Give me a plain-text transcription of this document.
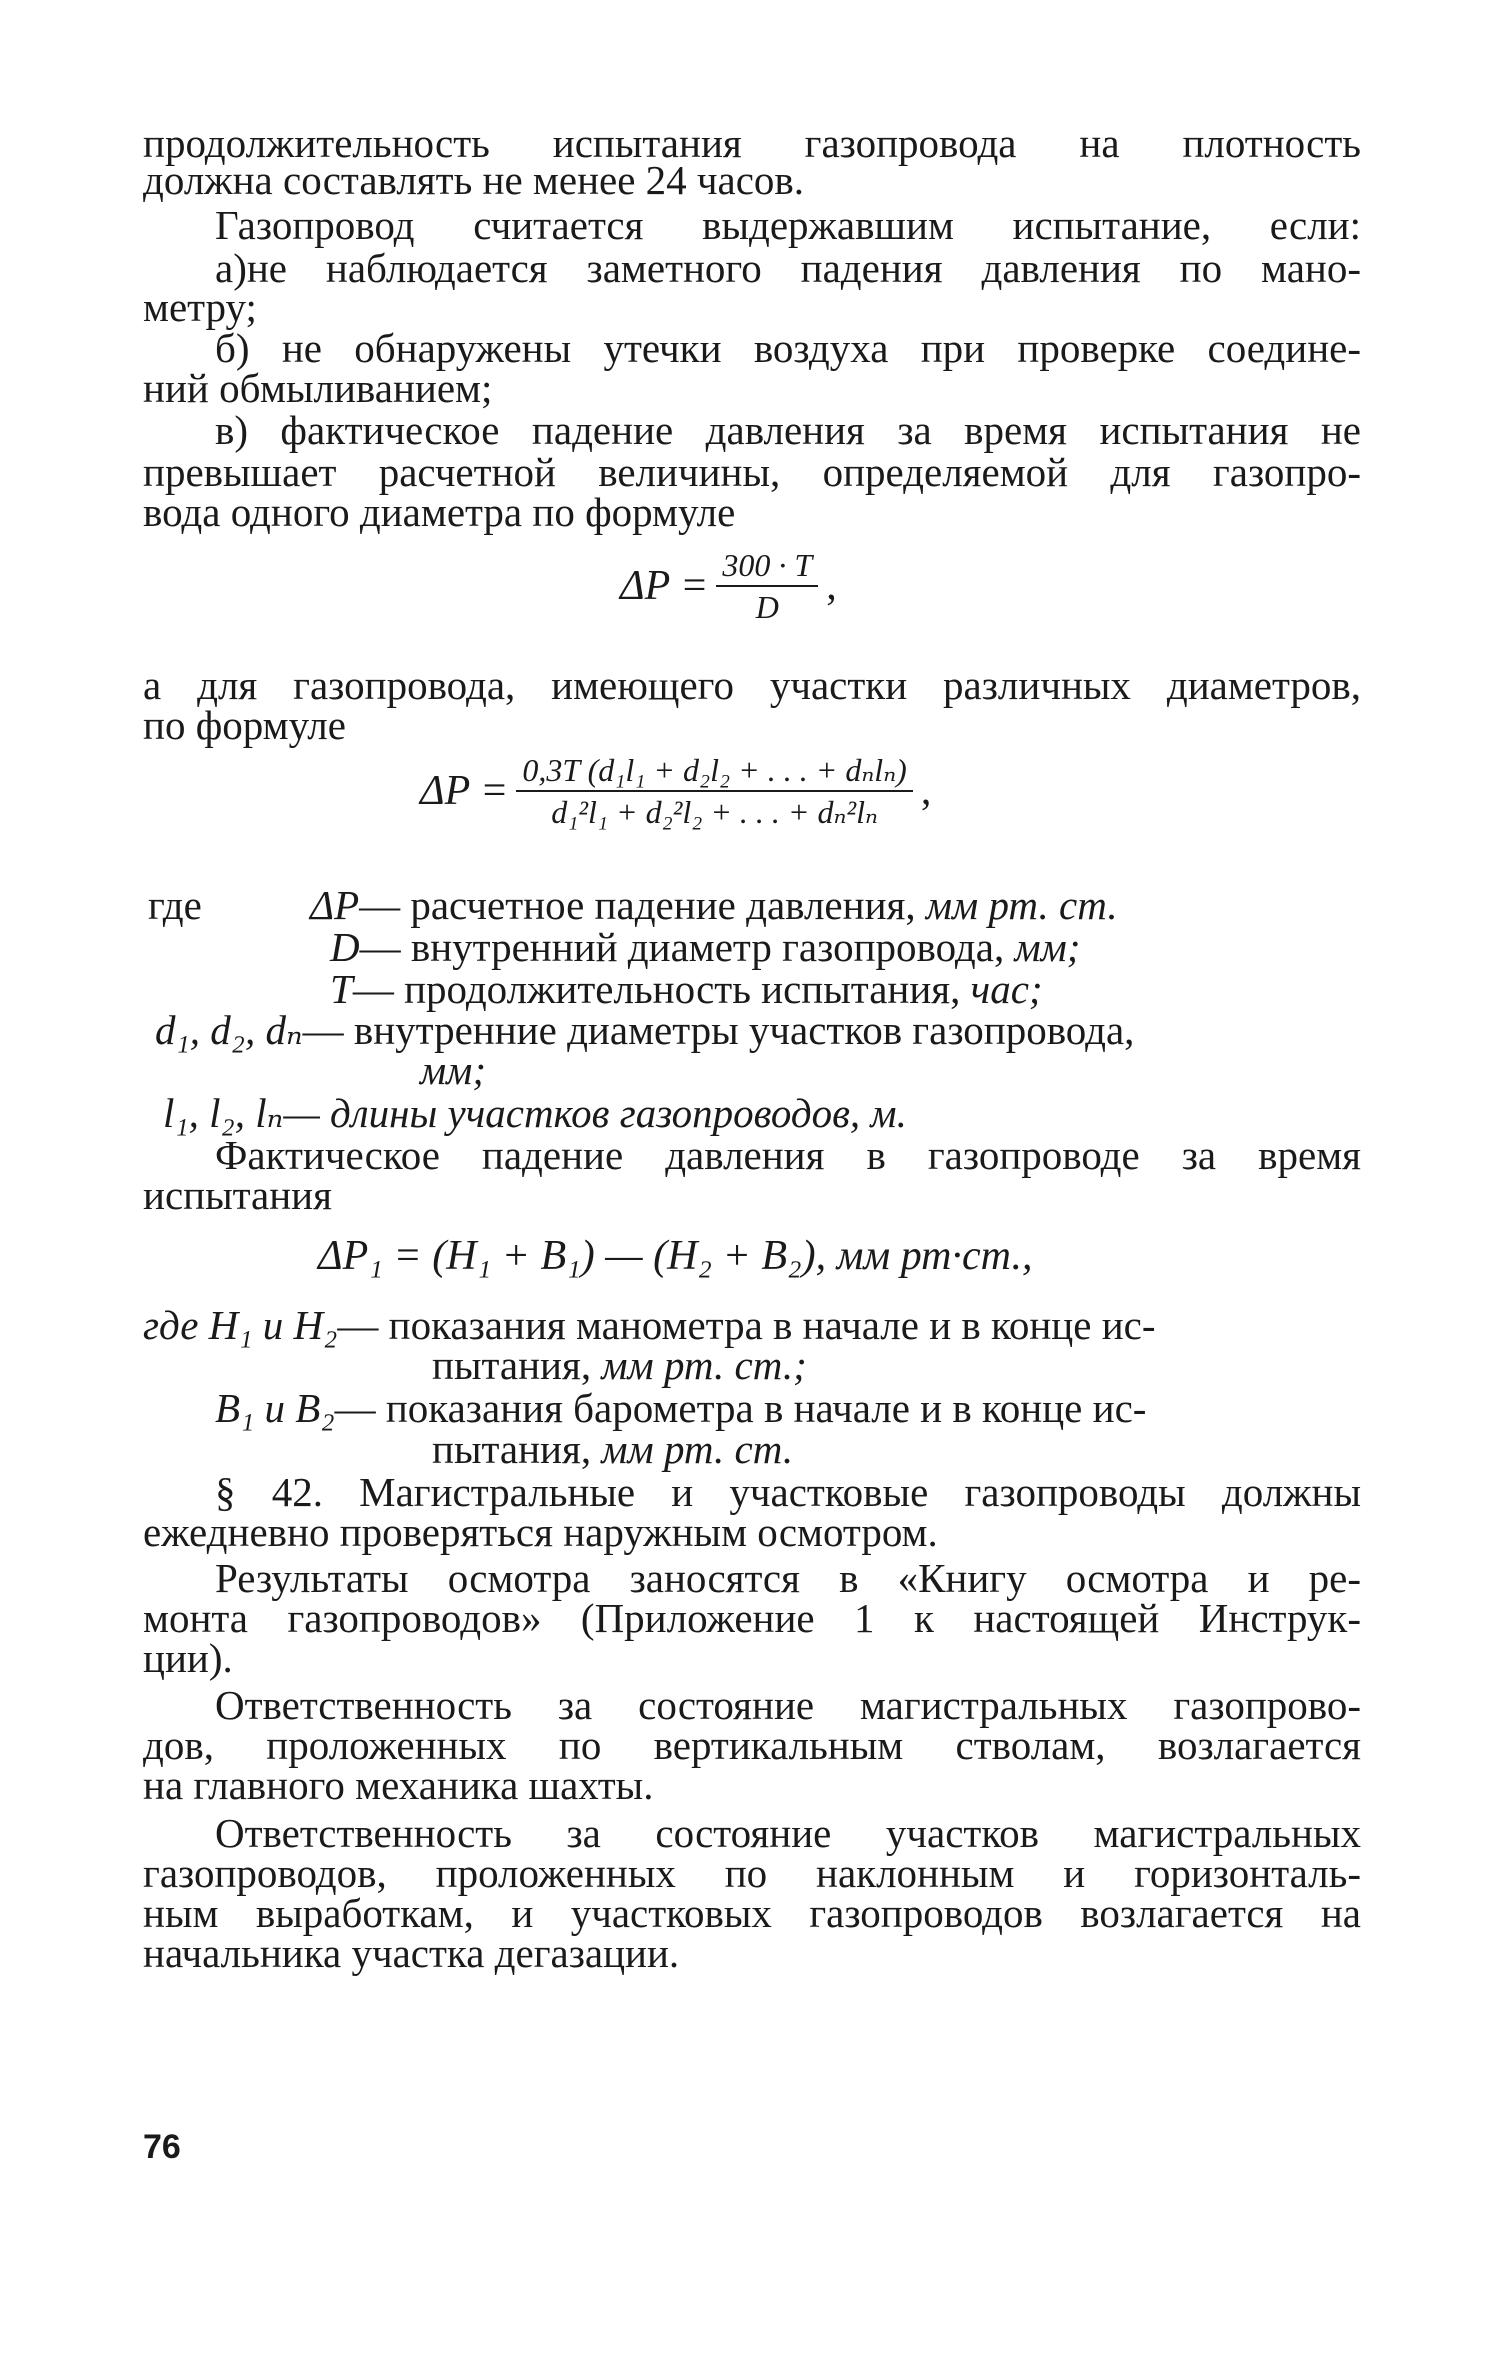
продолжительность испытания газопровода на плотность
должна составлять не менее 24 часов.
Газопровод считается выдержавшим испытание, если:
а)не наблюдается заметного падения давления по мано-
метру;
б) не обнаружены утечки воздуха при проверке соедине-
ний обмыливанием;
в) фактическое падение давления за время испытания не
превышает расчетной величины, определяемой для газопро-
вода одного диаметра по формуле
$\Delta P = \frac{300 \cdot T}{D}$ ,
а для газопровода, имеющего участки различных диаметров,
по формуле
$\Delta P = \frac{\text{0,3T (d₁l₁ + d₂l₂ + . . . + dₙlₙ)}}{\text{d₁²l₁ + d₂²l₂ + . . . + dₙ²lₙ}}$ ,
где	ΔP— расчетное падение давления, мм рт. ст.
D— внутренний диаметр газопровода, мм;
T— продолжительность испытания, час;
d₁, d₂, dₙ— внутренние диаметры участков газопровода,
мм;
l₁, l₂, lₙ— длины участков газопроводов, м.
Фактическое падение давления в газопроводе за время
испытания
ΔP₁ = (H₁ + B₁) — (H₂ + B₂), мм рт·ст.,
где H₁ и H₂— показания манометра в начале и в конце ис-
пытания, мм рт. ст.;
B₁ и B₂— показания барометра в начале и в конце ис-
пытания, мм рт. ст.
§ 42. Магистральные и участковые газопроводы должны
ежедневно проверяться наружным осмотром.
Результаты осмотра заносятся в «Книгу осмотра и ре-
монта газопроводов» (Приложение 1 к настоящей Инструк-
ции).
Ответственность за состояние магистральных газопрово-
дов, проложенных по вертикальным стволам, возлагается
на главного механика шахты.
Ответственность за состояние участков магистральных
газопроводов, проложенных по наклонным и горизонталь-
ным выработкам, и участковых газопроводов возлагается на
начальника участка дегазации.
76
